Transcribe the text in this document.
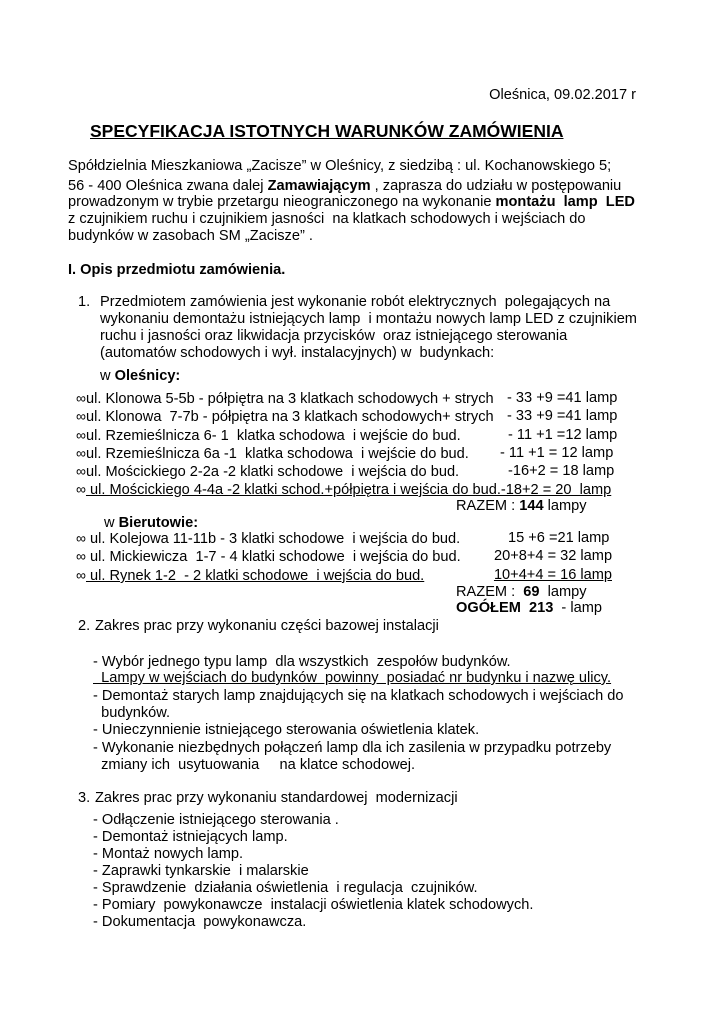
Oleśnica, 09.02.2017 r
SPECYFIKACJA ISTOTNYCH WARUNKÓW ZAMÓWIENIA
Spółdzielnia Mieszkaniowa „Zacisze” w Oleśnicy, z siedzibą : ul. Kochanowskiego 5;
56 - 400 Oleśnica zwana dalej Zamawiającym , zaprasza do udziału w postępowaniu
prowadzonym w trybie przetargu nieograniczonego na wykonanie montażu  lamp  LED
z czujnikiem ruchu i czujnikiem jasności  na klatkach schodowych i wejściach do
budynków w zasobach SM „Zacisze” .
I. Opis przedmiotu zamówienia.
1. Przedmiotem zamówienia jest wykonanie robót elektrycznych  polegających na
wykonaniu demontażu istniejących lamp  i montażu nowych lamp LED z czujnikiem
ruchu i jasności oraz likwidacja przycisków  oraz istniejącego sterowania
(automatów schodowych i wył. instalacyjnych) w  budynkach:
w Oleśnicy:
∞ul. Klonowa 5-5b - półpiętra na 3 klatkach schodowych + strych - 33 +9 =41 lamp
∞ul. Klonowa  7-7b - półpiętra na 3 klatkach schodowych+ strych - 33 +9 =41 lamp
∞ul. Rzemieślnicza 6- 1  klatka schodowa  i wejście do bud.	- 11 +1 =12 lamp
∞ul. Rzemieślnicza 6a -1  klatka schodowa  i wejście do bud. - 11 +1 = 12 lamp
∞ul. Mościckiego 2-2a -2 klatki schodowe  i wejścia do bud.	-16+2 = 18 lamp
∞ ul. Mościckiego 4-4a -2 klatki schod.+półpiętra i wejścia do bud.-18+2 = 20  lamp
RAZEM : 144 lampy
w Bierutowie:
∞ ul. Kolejowa 11-11b - 3 klatki schodowe  i wejścia do bud.	15 +6 =21 lamp
∞ ul. Mickiewicza  1-7 - 4 klatki schodowe  i wejścia do bud. 20+8+4 = 32 lamp
∞ ul. Rynek 1-2  - 2 klatki schodowe  i wejścia do bud.	10+4+4 = 16 lamp
RAZEM :  69  lampy
OGÓŁEM  213  - lamp
2. Zakres prac przy wykonaniu części bazowej instalacji
- Wybór jednego typu lamp  dla wszystkich  zespołów budynków.
Lampy w wejściach do budynków  powinny  posiadać nr budynku i nazwę ulicy.
- Demontaż starych lamp znajdujących się na klatkach schodowych i wejściach do
budynków.
- Unieczynnienie istniejącego sterowania oświetlenia klatek.
- Wykonanie niezbędnych połączeń lamp dla ich zasilenia w przypadku potrzeby
zmiany ich  usytuowania     na klatce schodowej.
3. Zakres prac przy wykonaniu standardowej  modernizacji
- Odłączenie istniejącego sterowania .
- Demontaż istniejących lamp.
- Montaż nowych lamp.
- Zaprawki tynkarskie  i malarskie
- Sprawdzenie  działania oświetlenia  i regulacja  czujników.
- Pomiary  powykonawcze  instalacji oświetlenia klatek schodowych.
- Dokumentacja  powykonawcza.
